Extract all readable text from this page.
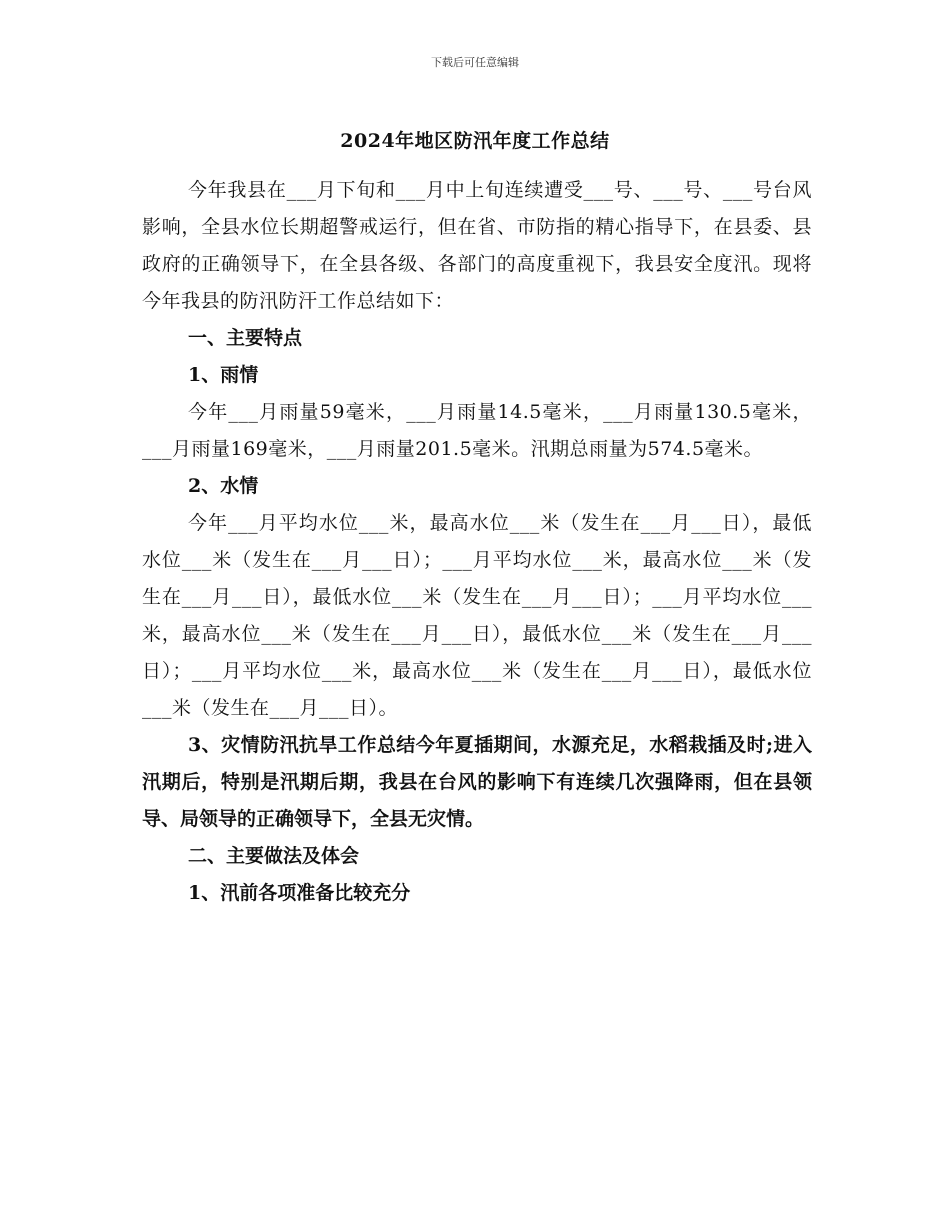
下载后可任意编辑
2024年地区防汛年度工作总结

今年我县在___月下旬和___月中上旬连续遭受___号、___号、___号台风影响，全县水位长期超警戒运行，但在省、市防指的精心指导下，在县委、县政府的正确领导下，在全县各级、各部门的高度重视下，我县安全度汛。现将今年我县的防汛防汗工作总结如下：

一、主要特点

1、雨情

今年___月雨量59毫米，___月雨量14.5毫米，___月雨量130.5毫米，___月雨量169毫米，___月雨量201.5毫米。汛期总雨量为574.5毫米。

2、水情

今年___月平均水位___米，最高水位___米（发生在___月___日），最低水位___米（发生在___月___日）；___月平均水位___米，最高水位___米（发生在___月___日），最低水位___米（发生在___月___日）；___月平均水位___米，最高水位___米（发生在___月___日），最低水位___米（发生在___月___日）；___月平均水位___米，最高水位___米（发生在___月___日），最低水位___米（发生在___月___日）。

3、灾情防汛抗旱工作总结今年夏插期间，水源充足，水稻栽插及时;进入汛期后，特别是汛期后期，我县在台风的影响下有连续几次强降雨，但在县领导、局领导的正确领导下，全县无灾情。

二、主要做法及体会

1、汛前各项准备比较充分
